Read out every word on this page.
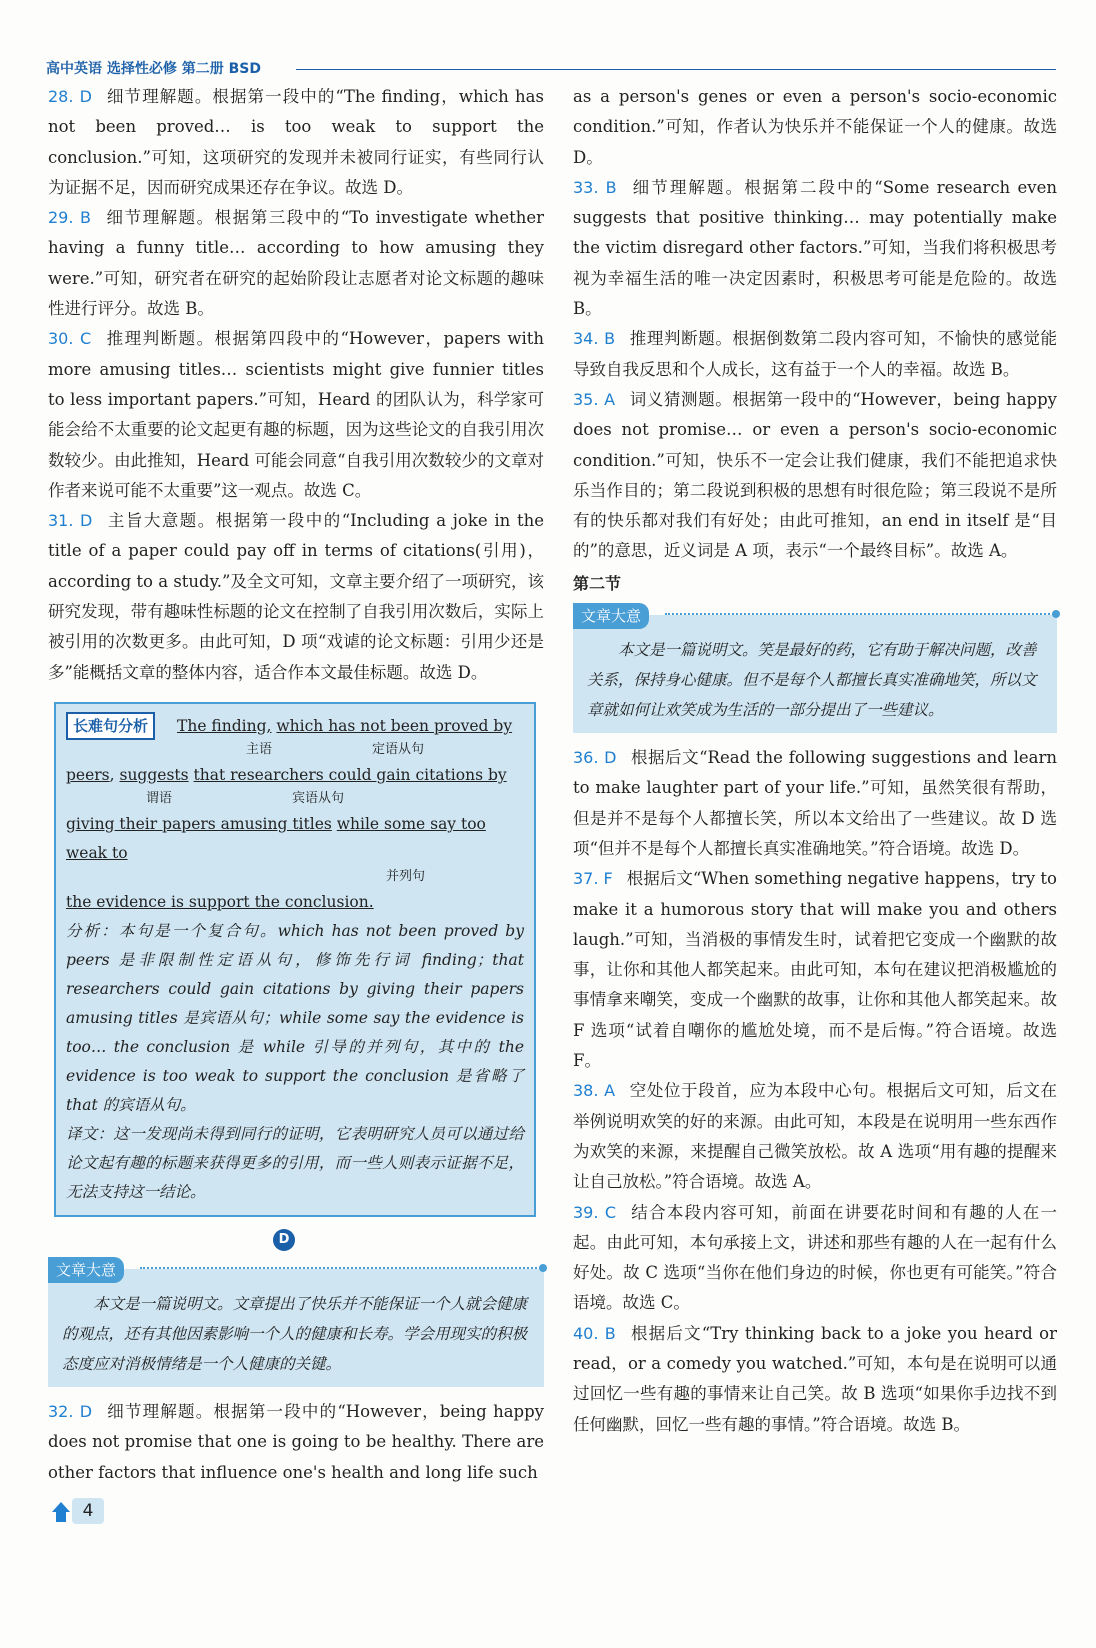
高中英语 选择性必修 第二册 BSD

28. D 细节理解题。根据第一段中的“The finding，which has not been proved… is too weak to support the conclusion.”可知，这项研究的发现并未被同行证实，有些同行认为证据不足，因而研究成果还存在争议。故选 D。

29. B 细节理解题。根据第三段中的“To investigate whether having a funny title… according to how amusing they were.”可知，研究者在研究的起始阶段让志愿者对论文标题的趣味性进行评分。故选 B。

30. C 推理判断题。根据第四段中的“However，papers with more amusing titles… scientists might give funnier titles to less important papers.”可知，Heard 的团队认为，科学家可能会给不太重要的论文起更有趣的标题，因为这些论文的自我引用次数较少。由此推知，Heard 可能会同意“自我引用次数较少的文章对作者来说可能不太重要”这一观点。故选 C。

31. D 主旨大意题。根据第一段中的“Including a joke in the title of a paper could pay off in terms of citations(引用)，according to a study.”及全文可知，文章主要介绍了一项研究，该研究发现，带有趣味性标题的论文在控制了自我引用次数后，实际上被引用的次数更多。由此可知，D 项“戏谑的论文标题：引用少还是多”能概括文章的整体内容，适合作本文最佳标题。故选 D。

长难句分析 The finding, which has not been proved by
主语	定语从句
peers, suggests that researchers could gain citations by
谓语	宾语从句
giving their papers amusing titles while some say too weak to
并列句
the evidence is support the conclusion.
分析：本句是一个复合句。which has not been proved by peers 是非限制性定语从句，修饰先行词 finding；that researchers could gain citations by giving their papers amusing titles 是宾语从句；while some say the evidence is too… the conclusion 是 while 引导的并列句，其中的 the evidence is too weak to support the conclusion 是省略了 that 的宾语从句。
译文：这一发现尚未得到同行的证明，它表明研究人员可以通过给论文起有趣的标题来获得更多的引用，而一些人则表示证据不足，无法支持这一结论。
D
文章大意
本文是一篇说明文。文章提出了快乐并不能保证一个人就会健康的观点，还有其他因素影响一个人的健康和长寿。学会用现实的积极态度应对消极情绪是一个人健康的关键。

32. D 细节理解题。根据第一段中的“However，being happy does not promise that one is going to be healthy. There are other factors that influence one's health and long life such

as a person's genes or even a person's socio-economic condition.”可知，作者认为快乐并不能保证一个人的健康。故选 D。

33. B 细节理解题。根据第二段中的“Some research even suggests that positive thinking… may potentially make the victim disregard other factors.”可知，当我们将积极思考视为幸福生活的唯一决定因素时，积极思考可能是危险的。故选 B。

34. B 推理判断题。根据倒数第二段内容可知，不愉快的感觉能导致自我反思和个人成长，这有益于一个人的幸福。故选 B。

35. A 词义猜测题。根据第一段中的“However，being happy does not promise… or even a person's socio-economic condition.”可知，快乐不一定会让我们健康，我们不能把追求快乐当作目的；第二段说到积极的思想有时很危险；第三段说不是所有的快乐都对我们有好处；由此可推知，an end in itself 是“目的”的意思，近义词是 A 项，表示“一个最终目标”。故选 A。

第二节

文章大意
本文是一篇说明文。笑是最好的药，它有助于解决问题，改善关系，保持身心健康。但不是每个人都擅长真实准确地笑，所以文章就如何让欢笑成为生活的一部分提出了一些建议。

36. D 根据后文“Read the following suggestions and learn to make laughter part of your life.”可知，虽然笑很有帮助，但是并不是每个人都擅长笑，所以本文给出了一些建议。故 D 选项“但并不是每个人都擅长真实准确地笑。”符合语境。故选 D。

37. F 根据后文“When something negative happens，try to make it a humorous story that will make you and others laugh.”可知，当消极的事情发生时，试着把它变成一个幽默的故事，让你和其他人都笑起来。由此可知，本句在建议把消极尴尬的事情拿来嘲笑，变成一个幽默的故事，让你和其他人都笑起来。故 F 选项“试着自嘲你的尴尬处境，而不是后悔。”符合语境。故选 F。

38. A 空处位于段首，应为本段中心句。根据后文可知，后文在举例说明欢笑的好的来源。由此可知，本段是在说明用一些东西作为欢笑的来源，来提醒自己微笑放松。故 A 选项“用有趣的提醒来让自己放松。”符合语境。故选 A。

39. C 结合本段内容可知，前面在讲要花时间和有趣的人在一起。由此可知，本句承接上文，讲述和那些有趣的人在一起有什么好处。故 C 选项“当你在他们身边的时候，你也更有可能笑。”符合语境。故选 C。

40. B 根据后文“Try thinking back to a joke you heard or read，or a comedy you watched.”可知，本句是在说明可以通过回忆一些有趣的事情来让自己笑。故 B 选项“如果你手边找不到任何幽默，回忆一些有趣的事情。”符合语境。故选 B。

4
